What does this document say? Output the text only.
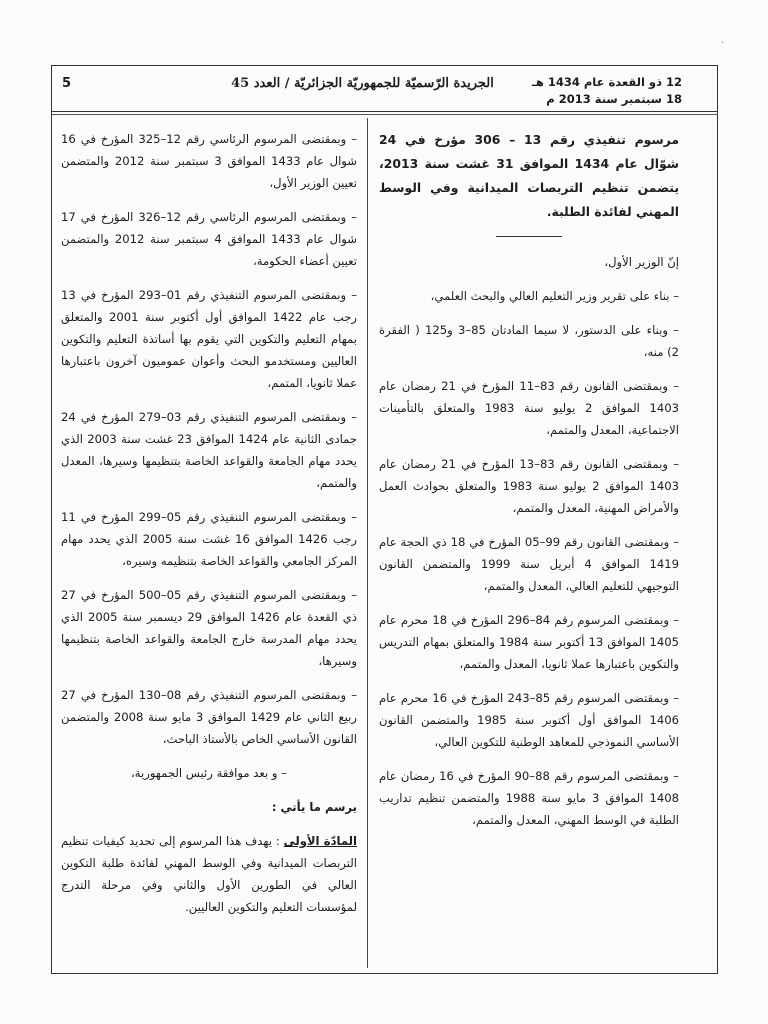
·
5	الجريدة الرّسميّة للجمهوريّة الجزائريّة / العدد 45	12 ذو القعدة عام 1434 هـ
18 سبتمبر سنة 2013 م

مرسوم تنفيذي رقم 13 – 306 مؤرخ في 24 شوّال عام 1434 الموافق 31 غشت سنة 2013، يتضمن تنظيم التربصات الميدانية وفي الوسط المهني لفائدة الطلبة.

إنّ الوزير الأول،

– بناء على تقرير وزير التعليم العالي والبحث العلمي،

– وبناء على الدستور، لا سيما المادتان 85–3 و125 ( الفقرة 2) منه،

– وبمقتضى القانون رقم 83–11 المؤرخ في 21 رمضان عام 1403 الموافق 2 يوليو سنة 1983 والمتعلق بالتأمينات الاجتماعية، المعدل والمتمم،

– وبمقتضى القانون رقم 83–13 المؤرخ في 21 رمضان عام 1403 الموافق 2 يوليو سنة 1983 والمتعلق بحوادث العمل والأمراض المهنية، المعدل والمتمم،

– وبمقتضى القانون رقم 99–05 المؤرخ في 18 ذي الحجة عام 1419 الموافق 4 أبريل سنة 1999 والمتضمن القانون التوجيهي للتعليم العالي، المعدل والمتمم،

– وبمقتضى المرسوم رقم 84–296 المؤرخ في 18 محرم عام 1405 الموافق 13 أكتوبر سنة 1984 والمتعلق بمهام التدريس والتكوين باعتبارها عملا ثانويا، المعدل والمتمم،

– وبمقتضى المرسوم رقم 85–243 المؤرخ في 16 محرم عام 1406 الموافق أول أكتوبر سنة 1985 والمتضمن القانون الأساسي النموذجي للمعاهد الوطنية للتكوين العالي،

– وبمقتضى المرسوم رقم 88–90 المؤرخ في 16 رمضان عام 1408 الموافق 3 مايو سنة 1988 والمتضمن تنظيم تداريب الطلبة في الوسط المهني، المعدل والمتمم،

– وبمقتضى المرسوم الرئاسي رقم 12–325 المؤرخ في 16 شوال عام 1433 الموافق 3 سبتمبر سنة 2012 والمتضمن تعيين الوزير الأول،

– وبمقتضى المرسوم الرئاسي رقم 12–326 المؤرخ في 17 شوال عام 1433 الموافق 4 سبتمبر سنة 2012 والمتضمن تعيين أعضاء الحكومة،

– وبمقتضى المرسوم التنفيذي رقم 01–293 المؤرخ في 13 رجب عام 1422 الموافق أول أكتوبر سنة 2001 والمتعلق بمهام التعليم والتكوين التي يقوم بها أساتذة التعليم والتكوين العاليين ومستخدمو البحث وأعوان عموميون آخرون باعتبارها عملا ثانويا، المتمم،

– وبمقتضى المرسوم التنفيذي رقم 03–279 المؤرخ في 24 جمادى الثانية عام 1424 الموافق 23 غشت سنة 2003 الذي يحدد مهام الجامعة والقواعد الخاصة بتنظيمها وسيرها، المعدل والمتمم،

– وبمقتضى المرسوم التنفيذي رقم 05–299 المؤرخ في 11 رجب 1426 الموافق 16 غشت سنة 2005 الذي يحدد مهام المركز الجامعي والقواعد الخاصة بتنظيمه وسيره،

– وبمقتضى المرسوم التنفيذي رقم 05–500 المؤرخ في 27 ذي القعدة عام 1426 الموافق 29 ديسمبر سنة 2005 الذي يحدد مهام المدرسة خارج الجامعة والقواعد الخاصة بتنظيمها وسيرها،

– وبمقتضى المرسوم التنفيذي رقم 08–130 المؤرخ في 27 ربيع الثاني عام 1429 الموافق 3 مايو سنة 2008 والمتضمن القانون الأساسي الخاص بالأستاذ الباحث،

– و بعد موافقة رئيس الجمهورية،

يرسم ما يأتي :

المادّة الأولى : يهدف هذا المرسوم إلى تحديد كيفيات تنظيم التربصات الميدانية وفي الوسط المهني لفائدة طلبة التكوين العالي في الطورين الأول والثاني وفي مرحلة التدرج لمؤسسات التعليم والتكوين العاليين.
